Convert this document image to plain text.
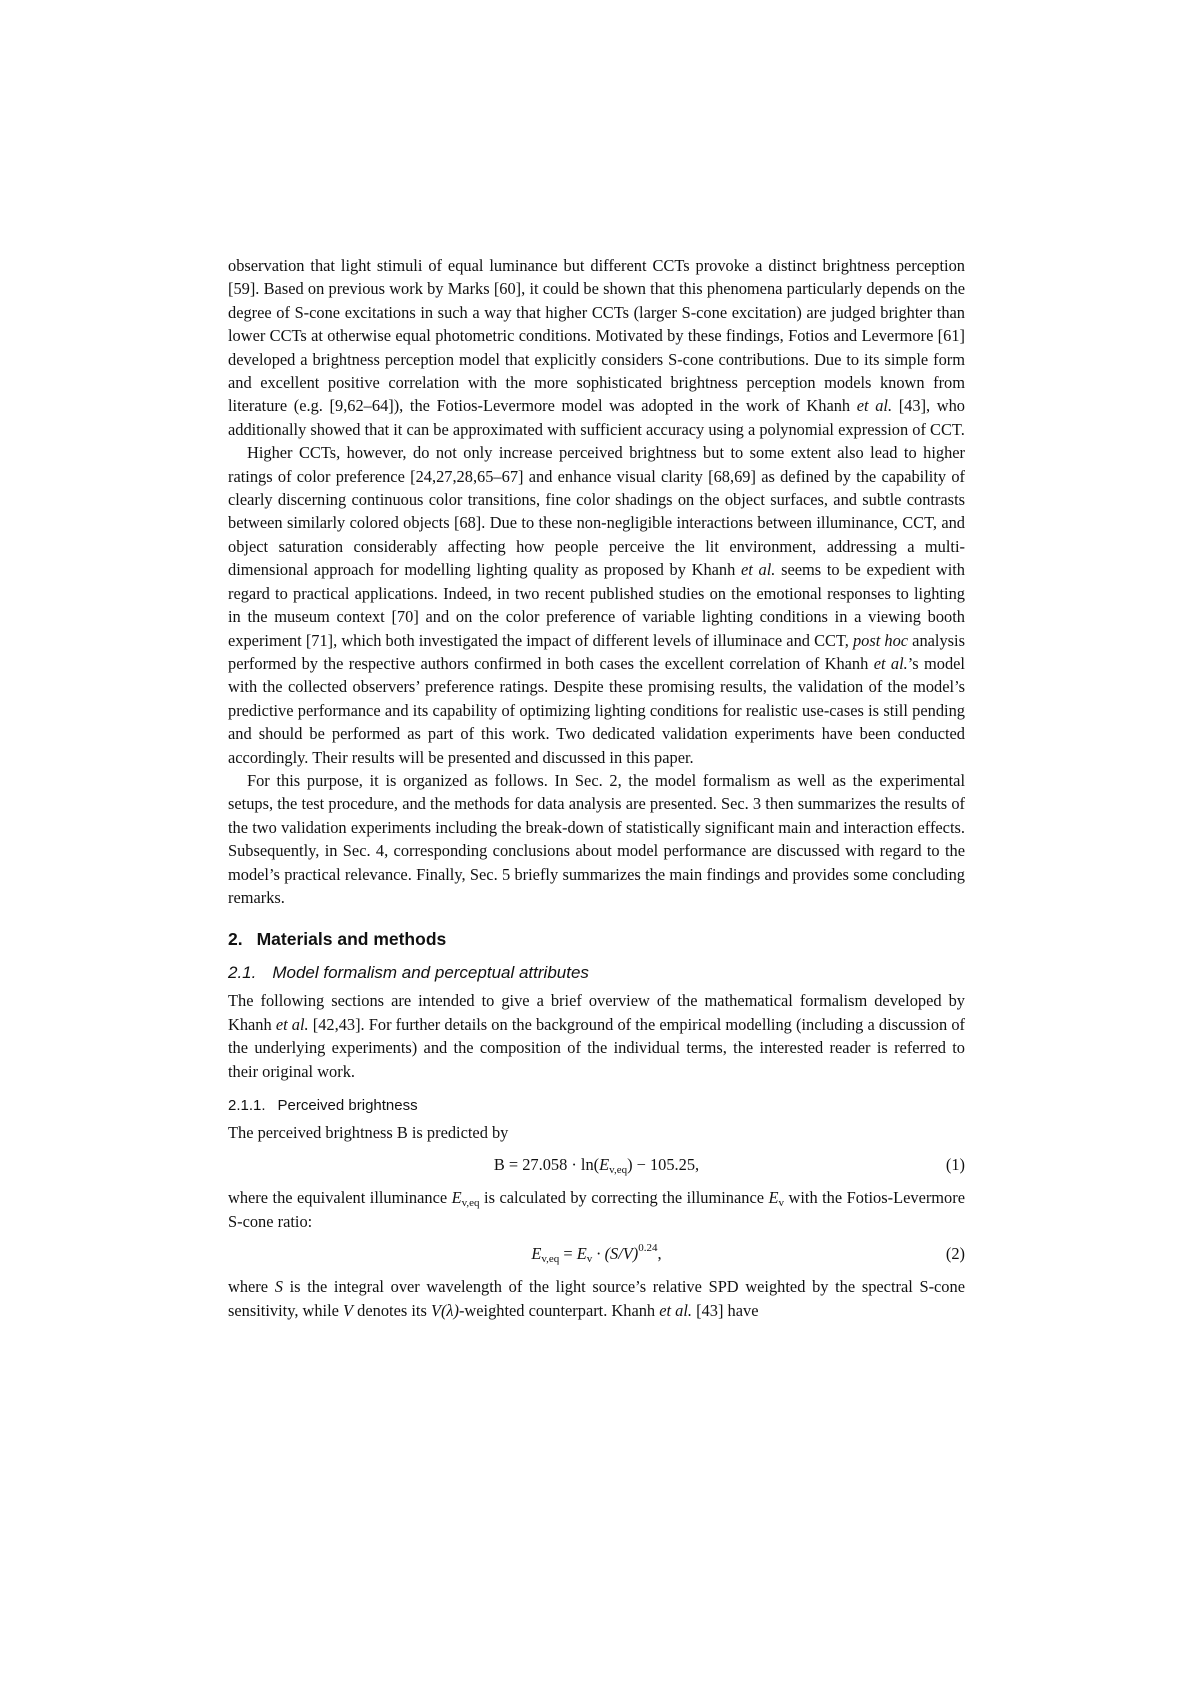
observation that light stimuli of equal luminance but different CCTs provoke a distinct brightness perception [59]. Based on previous work by Marks [60], it could be shown that this phenomena particularly depends on the degree of S-cone excitations in such a way that higher CCTs (larger S-cone excitation) are judged brighter than lower CCTs at otherwise equal photometric conditions. Motivated by these findings, Fotios and Levermore [61] developed a brightness perception model that explicitly considers S-cone contributions. Due to its simple form and excellent positive correlation with the more sophisticated brightness perception models known from literature (e.g. [9,62–64]), the Fotios-Levermore model was adopted in the work of Khanh et al. [43], who additionally showed that it can be approximated with sufficient accuracy using a polynomial expression of CCT.

Higher CCTs, however, do not only increase perceived brightness but to some extent also lead to higher ratings of color preference [24,27,28,65–67] and enhance visual clarity [68,69] as defined by the capability of clearly discerning continuous color transitions, fine color shadings on the object surfaces, and subtle contrasts between similarly colored objects [68]. Due to these non-negligible interactions between illuminance, CCT, and object saturation considerably affecting how people perceive the lit environment, addressing a multi-dimensional approach for modelling lighting quality as proposed by Khanh et al. seems to be expedient with regard to practical applications. Indeed, in two recent published studies on the emotional responses to lighting in the museum context [70] and on the color preference of variable lighting conditions in a viewing booth experiment [71], which both investigated the impact of different levels of illuminace and CCT, post hoc analysis performed by the respective authors confirmed in both cases the excellent correlation of Khanh et al.’s model with the collected observers’ preference ratings. Despite these promising results, the validation of the model’s predictive performance and its capability of optimizing lighting conditions for realistic use-cases is still pending and should be performed as part of this work. Two dedicated validation experiments have been conducted accordingly. Their results will be presented and discussed in this paper.

For this purpose, it is organized as follows. In Sec. 2, the model formalism as well as the experimental setups, the test procedure, and the methods for data analysis are presented. Sec. 3 then summarizes the results of the two validation experiments including the break-down of statistically significant main and interaction effects. Subsequently, in Sec. 4, corresponding conclusions about model performance are discussed with regard to the model’s practical relevance. Finally, Sec. 5 briefly summarizes the main findings and provides some concluding remarks.

2. Materials and methods
2.1. Model formalism and perceptual attributes

The following sections are intended to give a brief overview of the mathematical formalism developed by Khanh et al. [42,43]. For further details on the background of the empirical modelling (including a discussion of the underlying experiments) and the composition of the individual terms, the interested reader is referred to their original work.

2.1.1. Perceived brightness

The perceived brightness B is predicted by

$B = 27.058 \cdot \ln(E_{v,eq}) - 105.25$,	(1)

where the equivalent illuminance $E_{v,eq}$ is calculated by correcting the illuminance $E_v$ with the Fotios-Levermore S-cone ratio:

$E_{v,eq} = E_v \cdot (S/V)^{0.24}$,	(2)

where S is the integral over wavelength of the light source’s relative SPD weighted by the spectral S-cone sensitivity, while V denotes its V(λ)-weighted counterpart. Khanh et al. [43] have
